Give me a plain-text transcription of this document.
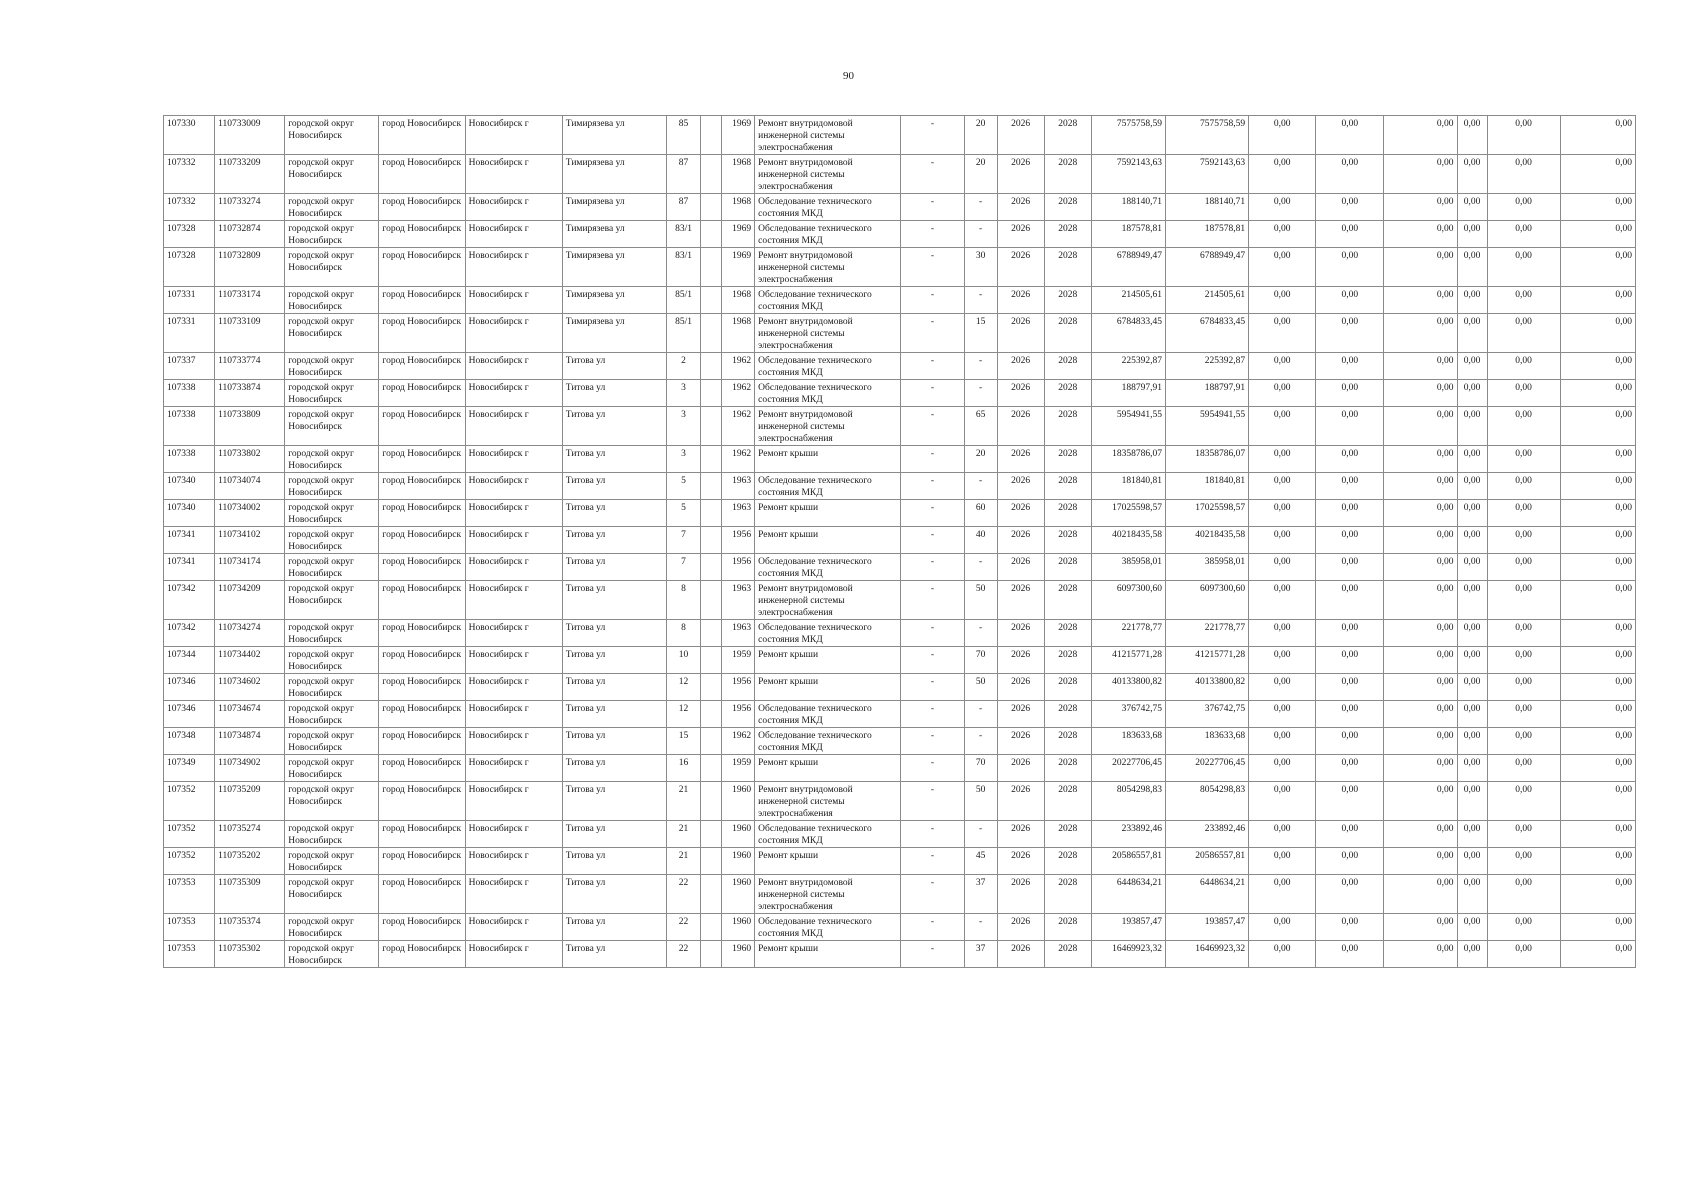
90
107330	110733009	городской округ Новосибирск	город Новосибирск	Новосибирск г	Тимирязева ул	85		1969	Ремонт внутридомовой инженерной системы электроснабжения	-	20	2026	2028	7575758,59	7575758,59	0,00	0,00	0,00	0,00	0,00	0,00
107332	110733209	городской округ Новосибирск	город Новосибирск	Новосибирск г	Тимирязева ул	87		1968	Ремонт внутридомовой инженерной системы электроснабжения	-	20	2026	2028	7592143,63	7592143,63	0,00	0,00	0,00	0,00	0,00	0,00
107332	110733274	городской округ Новосибирск	город Новосибирск	Новосибирск г	Тимирязева ул	87		1968	Обследование технического состояния МКД	-	-	2026	2028	188140,71	188140,71	0,00	0,00	0,00	0,00	0,00	0,00
107328	110732874	городской округ Новосибирск	город Новосибирск	Новосибирск г	Тимирязева ул	83/1		1969	Обследование технического состояния МКД	-	-	2026	2028	187578,81	187578,81	0,00	0,00	0,00	0,00	0,00	0,00
107328	110732809	городской округ Новосибирск	город Новосибирск	Новосибирск г	Тимирязева ул	83/1		1969	Ремонт внутридомовой инженерной системы электроснабжения	-	30	2026	2028	6788949,47	6788949,47	0,00	0,00	0,00	0,00	0,00	0,00
107331	110733174	городской округ Новосибирск	город Новосибирск	Новосибирск г	Тимирязева ул	85/1		1968	Обследование технического состояния МКД	-	-	2026	2028	214505,61	214505,61	0,00	0,00	0,00	0,00	0,00	0,00
107331	110733109	городской округ Новосибирск	город Новосибирск	Новосибирск г	Тимирязева ул	85/1		1968	Ремонт внутридомовой инженерной системы электроснабжения	-	15	2026	2028	6784833,45	6784833,45	0,00	0,00	0,00	0,00	0,00	0,00
107337	110733774	городской округ Новосибирск	город Новосибирск	Новосибирск г	Титова ул	2		1962	Обследование технического состояния МКД	-	-	2026	2028	225392,87	225392,87	0,00	0,00	0,00	0,00	0,00	0,00
107338	110733874	городской округ Новосибирск	город Новосибирск	Новосибирск г	Титова ул	3		1962	Обследование технического состояния МКД	-	-	2026	2028	188797,91	188797,91	0,00	0,00	0,00	0,00	0,00	0,00
107338	110733809	городской округ Новосибирск	город Новосибирск	Новосибирск г	Титова ул	3		1962	Ремонт внутридомовой инженерной системы электроснабжения	-	65	2026	2028	5954941,55	5954941,55	0,00	0,00	0,00	0,00	0,00	0,00
107338	110733802	городской округ Новосибирск	город Новосибирск	Новосибирск г	Титова ул	3		1962	Ремонт крыши	-	20	2026	2028	18358786,07	18358786,07	0,00	0,00	0,00	0,00	0,00	0,00
107340	110734074	городской округ Новосибирск	город Новосибирск	Новосибирск г	Титова ул	5		1963	Обследование технического состояния МКД	-	-	2026	2028	181840,81	181840,81	0,00	0,00	0,00	0,00	0,00	0,00
107340	110734002	городской округ Новосибирск	город Новосибирск	Новосибирск г	Титова ул	5		1963	Ремонт крыши	-	60	2026	2028	17025598,57	17025598,57	0,00	0,00	0,00	0,00	0,00	0,00
107341	110734102	городской округ Новосибирск	город Новосибирск	Новосибирск г	Титова ул	7		1956	Ремонт крыши	-	40	2026	2028	40218435,58	40218435,58	0,00	0,00	0,00	0,00	0,00	0,00
107341	110734174	городской округ Новосибирск	город Новосибирск	Новосибирск г	Титова ул	7		1956	Обследование технического состояния МКД	-	-	2026	2028	385958,01	385958,01	0,00	0,00	0,00	0,00	0,00	0,00
107342	110734209	городской округ Новосибирск	город Новосибирск	Новосибирск г	Титова ул	8		1963	Ремонт внутридомовой инженерной системы электроснабжения	-	50	2026	2028	6097300,60	6097300,60	0,00	0,00	0,00	0,00	0,00	0,00
107342	110734274	городской округ Новосибирск	город Новосибирск	Новосибирск г	Титова ул	8		1963	Обследование технического состояния МКД	-	-	2026	2028	221778,77	221778,77	0,00	0,00	0,00	0,00	0,00	0,00
107344	110734402	городской округ Новосибирск	город Новосибирск	Новосибирск г	Титова ул	10		1959	Ремонт крыши	-	70	2026	2028	41215771,28	41215771,28	0,00	0,00	0,00	0,00	0,00	0,00
107346	110734602	городской округ Новосибирск	город Новосибирск	Новосибирск г	Титова ул	12		1956	Ремонт крыши	-	50	2026	2028	40133800,82	40133800,82	0,00	0,00	0,00	0,00	0,00	0,00
107346	110734674	городской округ Новосибирск	город Новосибирск	Новосибирск г	Титова ул	12		1956	Обследование технического состояния МКД	-	-	2026	2028	376742,75	376742,75	0,00	0,00	0,00	0,00	0,00	0,00
107348	110734874	городской округ Новосибирск	город Новосибирск	Новосибирск г	Титова ул	15		1962	Обследование технического состояния МКД	-	-	2026	2028	183633,68	183633,68	0,00	0,00	0,00	0,00	0,00	0,00
107349	110734902	городской округ Новосибирск	город Новосибирск	Новосибирск г	Титова ул	16		1959	Ремонт крыши	-	70	2026	2028	20227706,45	20227706,45	0,00	0,00	0,00	0,00	0,00	0,00
107352	110735209	городской округ Новосибирск	город Новосибирск	Новосибирск г	Титова ул	21		1960	Ремонт внутридомовой инженерной системы электроснабжения	-	50	2026	2028	8054298,83	8054298,83	0,00	0,00	0,00	0,00	0,00	0,00
107352	110735274	городской округ Новосибирск	город Новосибирск	Новосибирск г	Титова ул	21		1960	Обследование технического состояния МКД	-	-	2026	2028	233892,46	233892,46	0,00	0,00	0,00	0,00	0,00	0,00
107352	110735202	городской округ Новосибирск	город Новосибирск	Новосибирск г	Титова ул	21		1960	Ремонт крыши	-	45	2026	2028	20586557,81	20586557,81	0,00	0,00	0,00	0,00	0,00	0,00
107353	110735309	городской округ Новосибирск	город Новосибирск	Новосибирск г	Титова ул	22		1960	Ремонт внутридомовой инженерной системы электроснабжения	-	37	2026	2028	6448634,21	6448634,21	0,00	0,00	0,00	0,00	0,00	0,00
107353	110735374	городской округ Новосибирск	город Новосибирск	Новосибирск г	Титова ул	22		1960	Обследование технического состояния МКД	-	-	2026	2028	193857,47	193857,47	0,00	0,00	0,00	0,00	0,00	0,00
107353	110735302	городской округ Новосибирск	город Новосибирск	Новосибирск г	Титова ул	22		1960	Ремонт крыши	-	37	2026	2028	16469923,32	16469923,32	0,00	0,00	0,00	0,00	0,00	0,00
